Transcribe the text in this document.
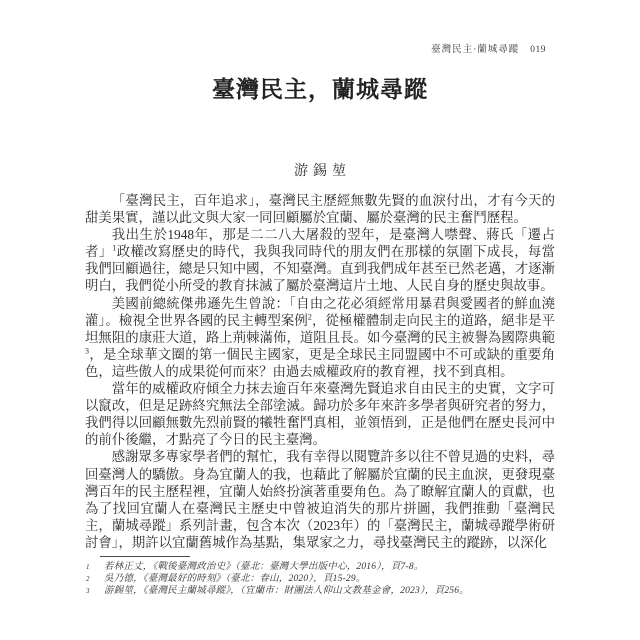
臺灣民主·蘭城尋蹤 019
臺灣民主，蘭城尋蹤
游錫堃

「臺灣民主，百年追求」，臺灣民主歷經無數先賢的血淚付出，才有今天的甜美果實，謹以此文與大家一同回顧屬於宜蘭、屬於臺灣的民主奮鬥歷程。

我出生於1948年，那是二二八大屠殺的翌年，是臺灣人噤聲、蔣氏「遷占者」$^1$政權改寫歷史的時代，我與我同時代的朋友們在那樣的氛圍下成長，每當我們回顧過往，總是只知中國，不知臺灣。直到我們成年甚至已然老邁，才逐漸明白，我們從小所受的教育抹滅了屬於臺灣這片土地、人民自身的歷史與故事。

美國前總統傑弗遜先生曾說：「自由之花必須經常用暴君與愛國者的鮮血澆灌」。檢視全世界各國的民主轉型案例$^2$，從極權體制走向民主的道路，絕非是平坦無阻的康莊大道，路上荊棘滿佈，道阻且長。如今臺灣的民主被譽為國際典範$^3$，是全球華文圈的第一個民主國家，更是全球民主同盟國中不可或缺的重要角色，這些傲人的成果從何而來？由過去威權政府的教育裡，找不到真相。

當年的威權政府傾全力抹去逾百年來臺灣先賢追求自由民主的史實，文字可以竄改，但是足跡終究無法全部塗滅。歸功於多年來許多學者與研究者的努力，我們得以回顧無數先烈前賢的犧牲奮鬥真相，並領悟到，正是他們在歷史長河中的前仆後繼，才點亮了今日的民主臺灣。

感謝眾多專家學者們的幫忙，我有幸得以閱覽許多以往不曾見過的史料，尋回臺灣人的驕傲。身為宜蘭人的我，也藉此了解屬於宜蘭的民主血淚，更發現臺灣百年的民主歷程裡，宜蘭人始終扮演著重要角色。為了瞭解宜蘭人的貢獻，也為了找回宜蘭人在臺灣民主歷史中曾被迫消失的那片拼圖，我們推動「臺灣民主，蘭城尋蹤」系列計畫，包含本次（2023年）的「臺灣民主，蘭城尋蹤學術研討會」，期許以宜蘭舊城作為基點，集眾家之力，尋找臺灣民主的蹤跡，以深化

1	若林正丈，《戰後臺灣政治史》（臺北：臺灣大學出版中心，2016），頁7-8。
2	吳乃德，《臺灣最好的時刻》（臺北：春山，2020），頁15-29。
3	游錫堃，《臺灣民主蘭城尋蹤》，（宜蘭市：財團法人仰山文教基金會，2023），頁256。
